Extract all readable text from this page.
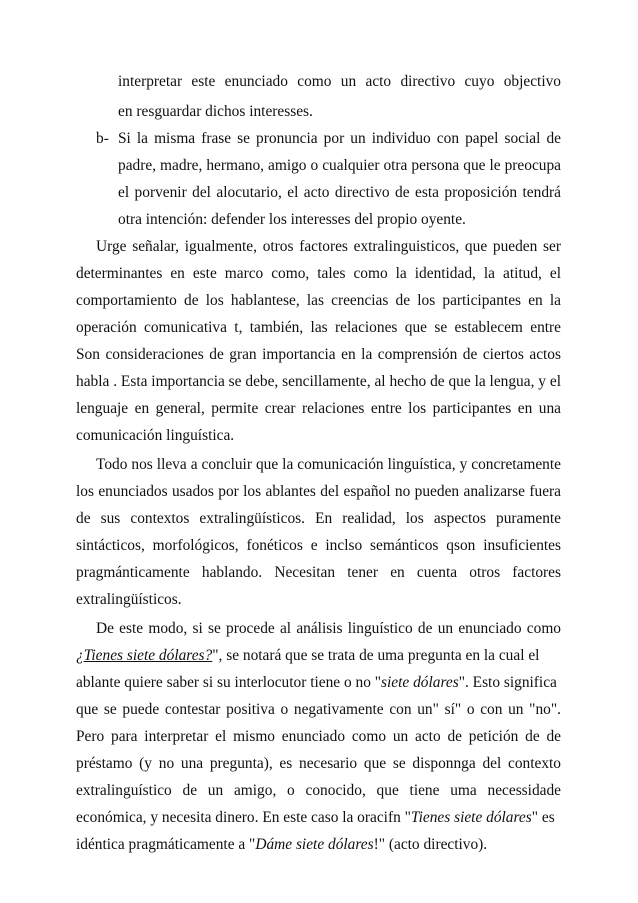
interpretar este enunciado como un acto directivo cuyo objectivo
en resguardar dichos interesses.
b- Si la misma frase se pronuncia por un individuo con papel social de
padre, madre, hermano, amigo o cualquier otra persona que le preocupa
el porvenir del alocutario, el acto directivo de esta proposición tendrá
otra intención: defender los interesses del propio oyente.
Urge señalar, igualmente, otros factores extralinguisticos, que pueden ser
determinantes en este marco como, tales como la identidad, la atitud, el
comportamiento de los hablantese, las creencias de los participantes en la
operación comunicativa t, también, las relaciones que se establecem entre
Son consideraciones de gran importancia en la comprensión de ciertos actos
habla . Esta importancia se debe, sencillamente, al hecho de que la lengua, y el
lenguaje en general, permite crear relaciones entre los participantes en una
comunicación linguística.
Todo nos lleva a concluir que la comunicación linguística, y concretamente
los enunciados usados por los ablantes del español no pueden analizarse fuera
de sus contextos extralingüísticos. En realidad, los aspectos puramente
sintácticos, morfológicos, fonéticos e inclso semánticos qson insuficientes
pragmánticamente hablando. Necesitan tener en cuenta otros factores
extralingüísticos.
De este modo, si se procede al análisis linguístico de un enunciado como
¿Tienes siete dólares?", se notará que se trata de uma pregunta en la cual el
ablante quiere saber si su interlocutor tiene o no "siete dólares". Esto significa
que se puede contestar positiva o negativamente con un" sí" o con un "no".
Pero para interpretar el mismo enunciado como un acto de petición de de
préstamo (y no una pregunta), es necesario que se disponnga del contexto
extralinguístico de un amigo, o conocido, que tiene uma necessidade
económica, y necesita dinero. En este caso la oracifn "Tienes siete dólares" es
idéntica pragmáticamente a "Dáme siete dólares!" (acto directivo).
